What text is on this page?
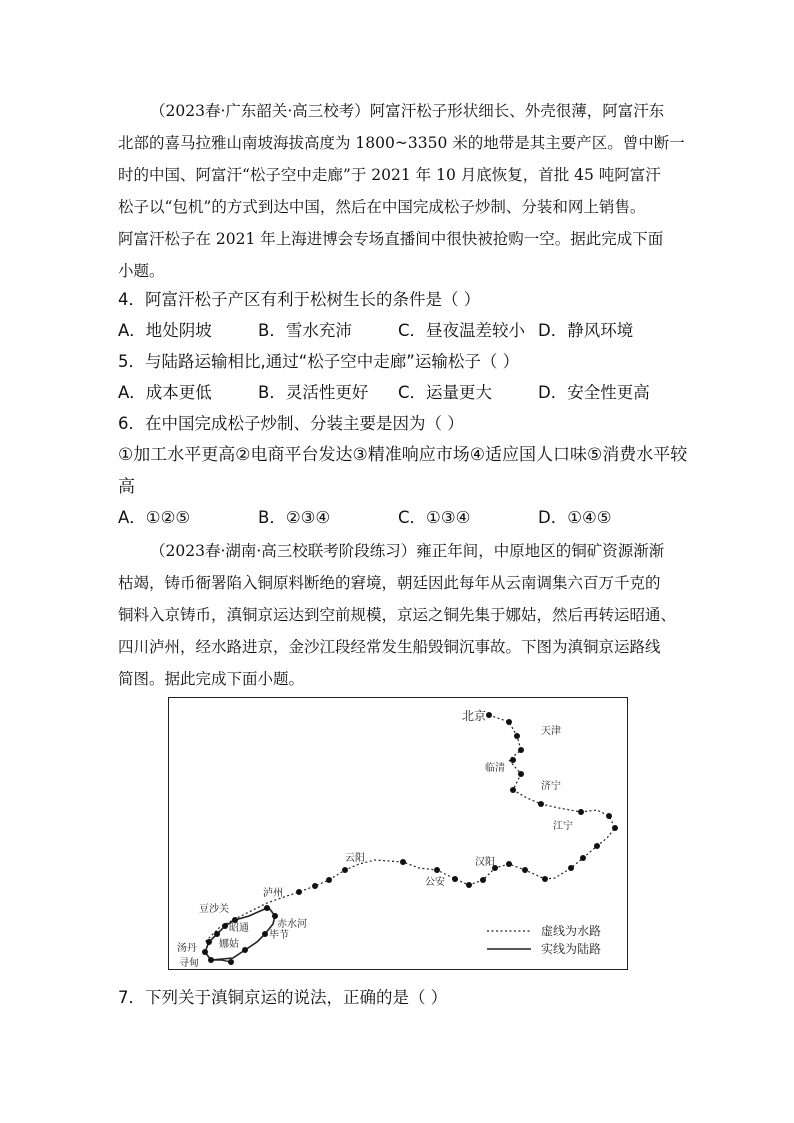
（2023春·广东韶关·高三校考）阿富汗松子形状细长、外壳很薄，阿富汗东
北部的喜马拉雅山南坡海拔高度为 1800~3350 米的地带是其主要产区。曾中断一
时的中国、阿富汗“松子空中走廊”于 2021 年 10 月底恢复，首批 45 吨阿富汗
松子以“包机”的方式到达中国，然后在中国完成松子炒制、分装和网上销售。
阿富汗松子在 2021 年上海进博会专场直播间中很快被抢购一空。据此完成下面
小题。
4．阿富汗松子产区有利于松树生长的条件是（ ）
A．地处阴坡	B．雪水充沛	C．昼夜温差较小 D．静风环境
5．与陆路运输相比,通过“松子空中走廊”运输松子（ ）
A．成本更低	B．灵活性更好	C．运量更大	D．安全性更高
6．在中国完成松子炒制、分装主要是因为（ ）
①加工水平更高②电商平台发达③精准响应市场④适应国人口味⑤消费水平较
高
A．①②⑤	B．②③④	C．①③④	D．①④⑤
（2023春·湖南·高三校联考阶段练习）雍正年间，中原地区的铜矿资源渐渐
枯竭，铸币衙署陷入铜原料断绝的窘境，朝廷因此每年从云南调集六百万千克的
铜料入京铸币，滇铜京运达到空前规模，京运之铜先集于娜姑，然后再转运昭通、
四川泸州，经水路进京，金沙江段经常发生船毁铜沉事故。下图为滇铜京运路线
简图。据此完成下面小题。
北京
天津
临清
济宁
江宁
云阳	汉阳
公安
泸州
豆沙关
赤水河
昭通
毕节
娜姑
汤丹
寻甸
虚线为水路
实线为陆路
7．下列关于滇铜京运的说法，正确的是（ ）
